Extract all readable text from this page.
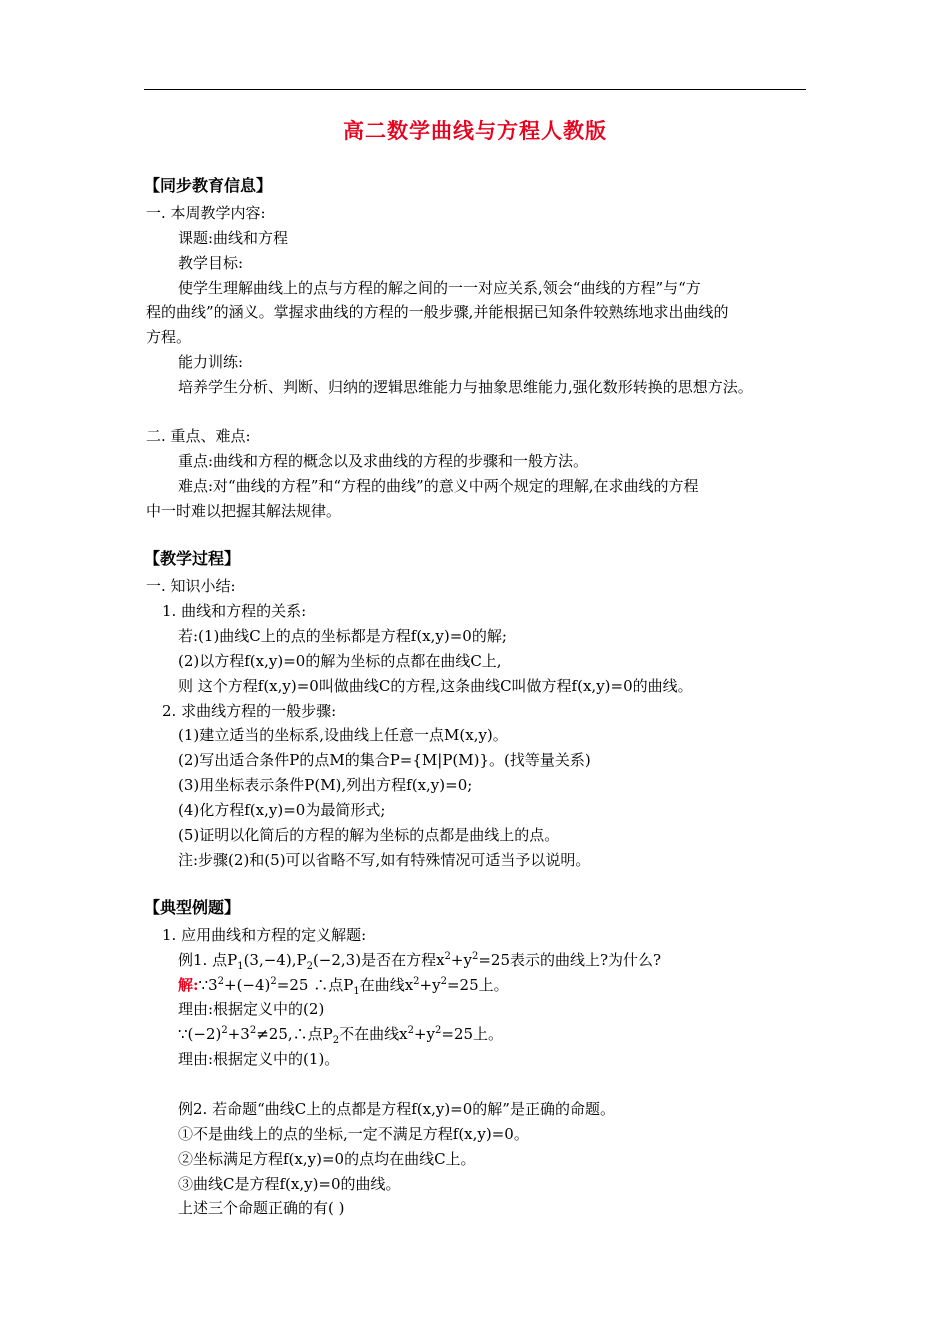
高二数学曲线与方程人教版
【同步教育信息】
一. 本周教学内容:
课题:曲线和方程
教学目标:
使学生理解曲线上的点与方程的解之间的一一对应关系,领会“曲线的方程”与“方
程的曲线”的涵义。掌握求曲线的方程的一般步骤,并能根据已知条件较熟练地求出曲线的
方程。
能力训练:
培养学生分析、判断、归纳的逻辑思维能力与抽象思维能力,强化数形转换的思想方法。
二. 重点、难点:
重点:曲线和方程的概念以及求曲线的方程的步骤和一般方法。
难点:对“曲线的方程”和“方程的曲线”的意义中两个规定的理解,在求曲线的方程
中一时难以把握其解法规律。
【教学过程】
一. 知识小结:
1. 曲线和方程的关系:
若:(1)曲线C上的点的坐标都是方程f(x,y)=0的解;
(2)以方程f(x,y)=0的解为坐标的点都在曲线C上,
则 这个方程f(x,y)=0叫做曲线C的方程,这条曲线C叫做方程f(x,y)=0的曲线。
2. 求曲线方程的一般步骤:
(1)建立适当的坐标系,设曲线上任意一点M(x,y)。
(2)写出适合条件P的点M的集合P={M|P(M)}。(找等量关系)
(3)用坐标表示条件P(M),列出方程f(x,y)=0;
(4)化方程f(x,y)=0为最简形式;
(5)证明以化简后的方程的解为坐标的点都是曲线上的点。
注:步骤(2)和(5)可以省略不写,如有特殊情况可适当予以说明。
【典型例题】
1. 应用曲线和方程的定义解题:
例1. 点$P_1(3,-4),P_2(-2,3)$是否在方程$x^2+y^2=25$表示的曲线上?为什么?
解$:\because 3^2+(-4)^2=25$ ∴点$P_1$在曲线$x^2+y^2=25$上。
理由:根据定义中的(2)
$\because(-2)^2+3^2\ne 25,\therefore$点$P_2$不在曲线$x^2+y^2=25$上。
理由:根据定义中的(1)。
例2. 若命题“曲线C上的点都是方程f(x,y)=0的解”是正确的命题。
①不是曲线上的点的坐标,一定不满足方程f(x,y)=0。
②坐标满足方程f(x,y)=0的点均在曲线C上。
③曲线C是方程f(x,y)=0的曲线。
上述三个命题正确的有( )
